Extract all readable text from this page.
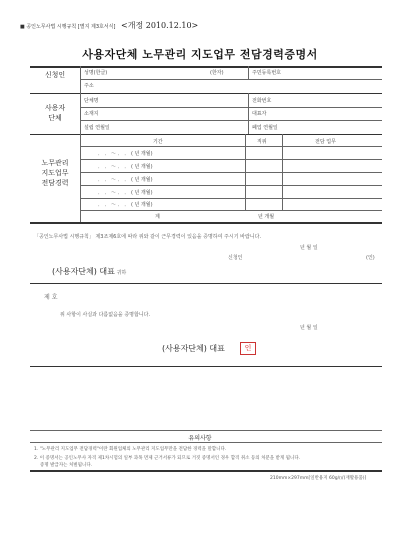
■ 공인노무사법 시행규칙 [별지 제3호서식] <개정 2010.12.10>
사용자단체 노무관리 지도업무 전담경력증명서
신청인	성명(한글)	(한자)	주민등록번호
주소
사용자
단체
단체명	전화번호
소재지	대표자
설립 연월일	폐업 연월일
노무관리
지도업무
전담경력
기간	직위	전담 업무
． ． ～ ． ． ( 년 개월)
． ． ～ ． ． ( 년 개월)
． ． ～ ． ． ( 년 개월)
． ． ～ ． ． ( 년 개월)
． ． ～ ． ． ( 년 개월)
계	년 개월
「공인노무사법 시행규칙」 제3조제6호에 따라 위와 같이 근무경력이 있음을 증명하여 주시기 바랍니다.
년 월 일
신청인	(인)
(사용자단체) 대표 귀하
제 호
위 사항이 사실과 다름없음을 증명합니다.
년 월 일
(사용자단체) 대표	인
유의사항
1. "노무관리 지도업무 전담경력"이란 회원업체의 노무관리 지도업무만을 전담한 경력을 말합니다.
2. 이 증명서는 공인노무사 자격 제1차시험의 일부 과목 면제 근거서류가 되므로 거짓 증명서인 경우 합격 취소 등의 처분을 받게 됩니다.
증명 발급자는 처벌됩니다.
210mm×297mm[일반용지 60g/㎡(재활용품)]
